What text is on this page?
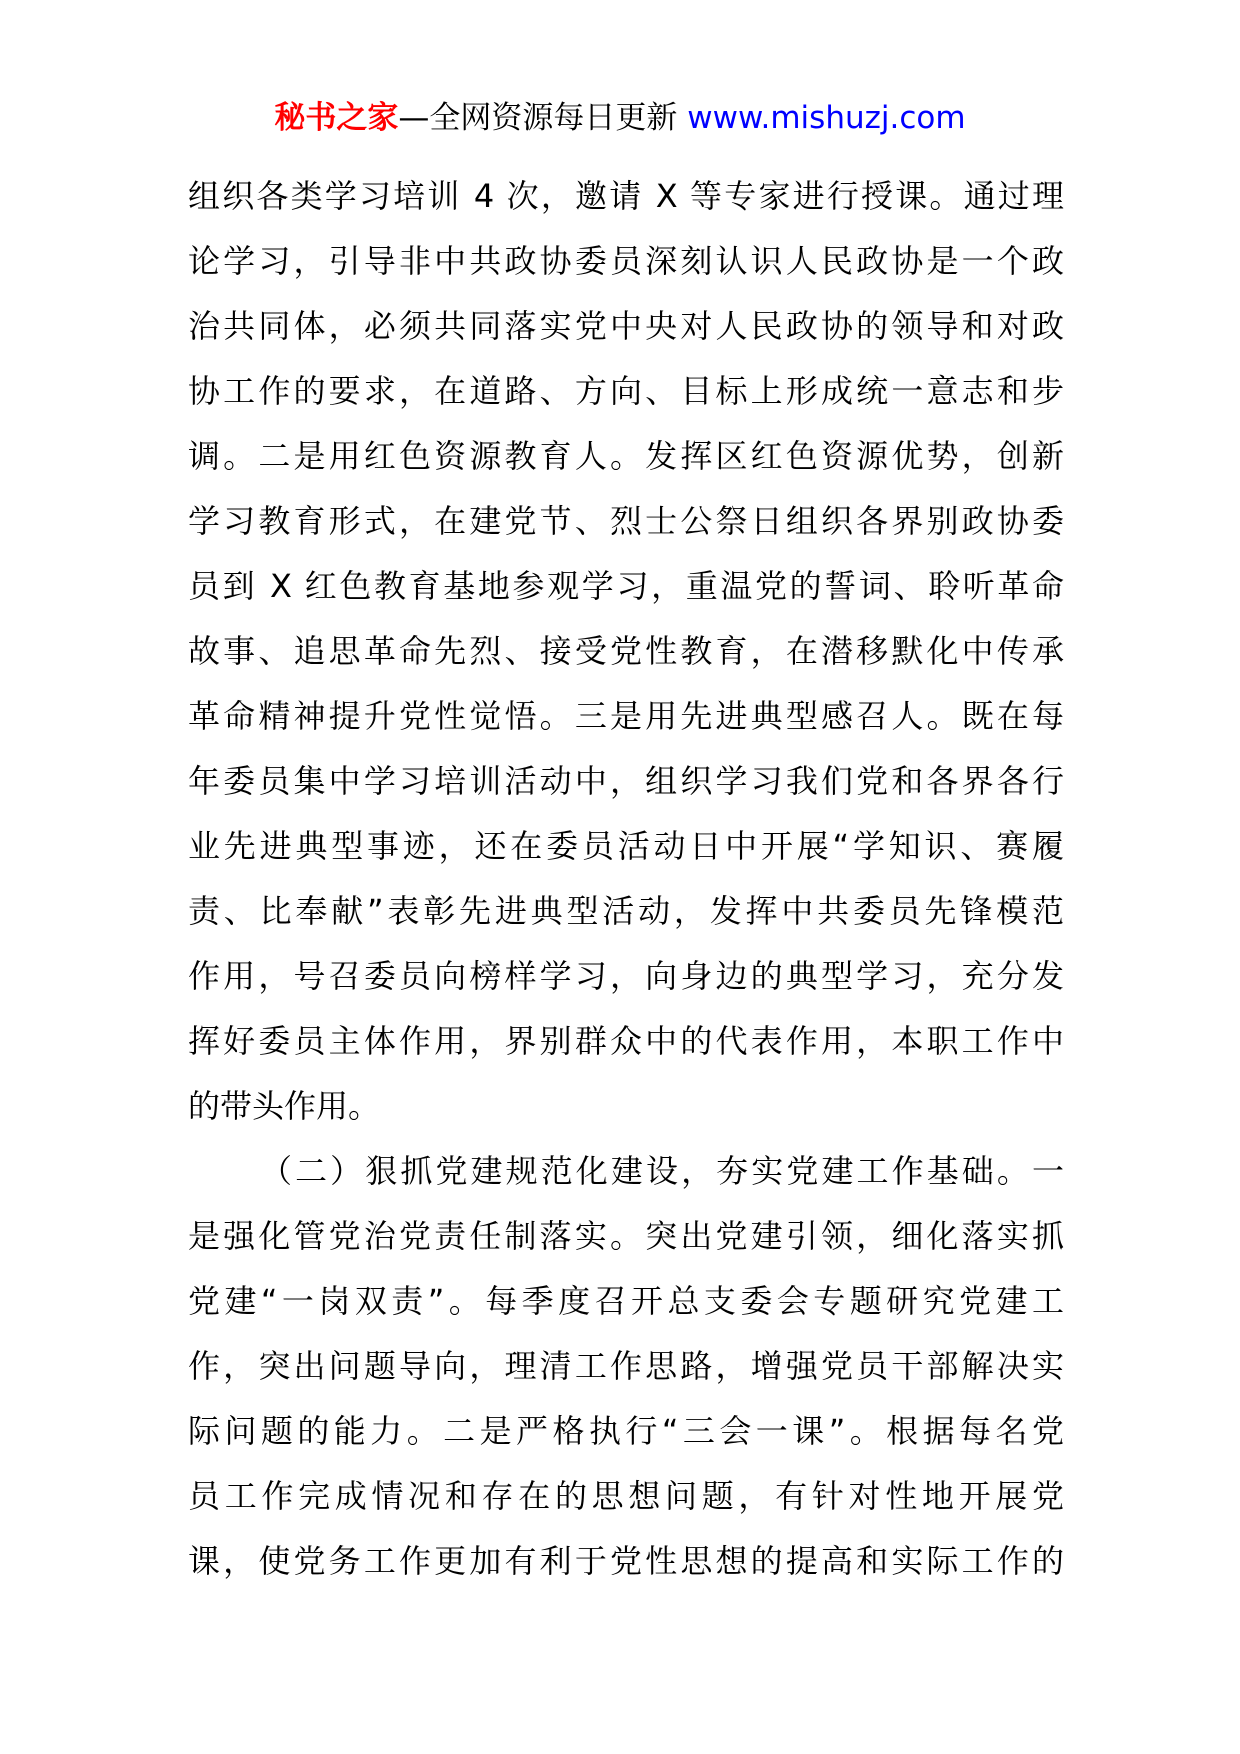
秘书之家—全网资源每日更新 www.mishuzj.com
组织各类学习培训 4 次，邀请 X 等专家进行授课。通过理
论学习，引导非中共政协委员深刻认识人民政协是一个政
治共同体，必须共同落实党中央对人民政协的领导和对政
协工作的要求，在道路、方向、目标上形成统一意志和步
调。二是用红色资源教育人。发挥区红色资源优势，创新
学习教育形式，在建党节、烈士公祭日组织各界别政协委
员到 X 红色教育基地参观学习，重温党的誓词、聆听革命
故事、追思革命先烈、接受党性教育，在潜移默化中传承
革命精神提升党性觉悟。三是用先进典型感召人。既在每
年委员集中学习培训活动中，组织学习我们党和各界各行
业先进典型事迹，还在委员活动日中开展“学知识、赛履
责、比奉献”表彰先进典型活动，发挥中共委员先锋模范
作用，号召委员向榜样学习，向身边的典型学习，充分发
挥好委员主体作用，界别群众中的代表作用，本职工作中
的带头作用。
（二）狠抓党建规范化建设，夯实党建工作基础。一
是强化管党治党责任制落实。突出党建引领，细化落实抓
党建“一岗双责”。每季度召开总支委会专题研究党建工
作，突出问题导向，理清工作思路，增强党员干部解决实
际问题的能力。二是严格执行“三会一课”。根据每名党
员工作完成情况和存在的思想问题，有针对性地开展党
课，使党务工作更加有利于党性思想的提高和实际工作的
